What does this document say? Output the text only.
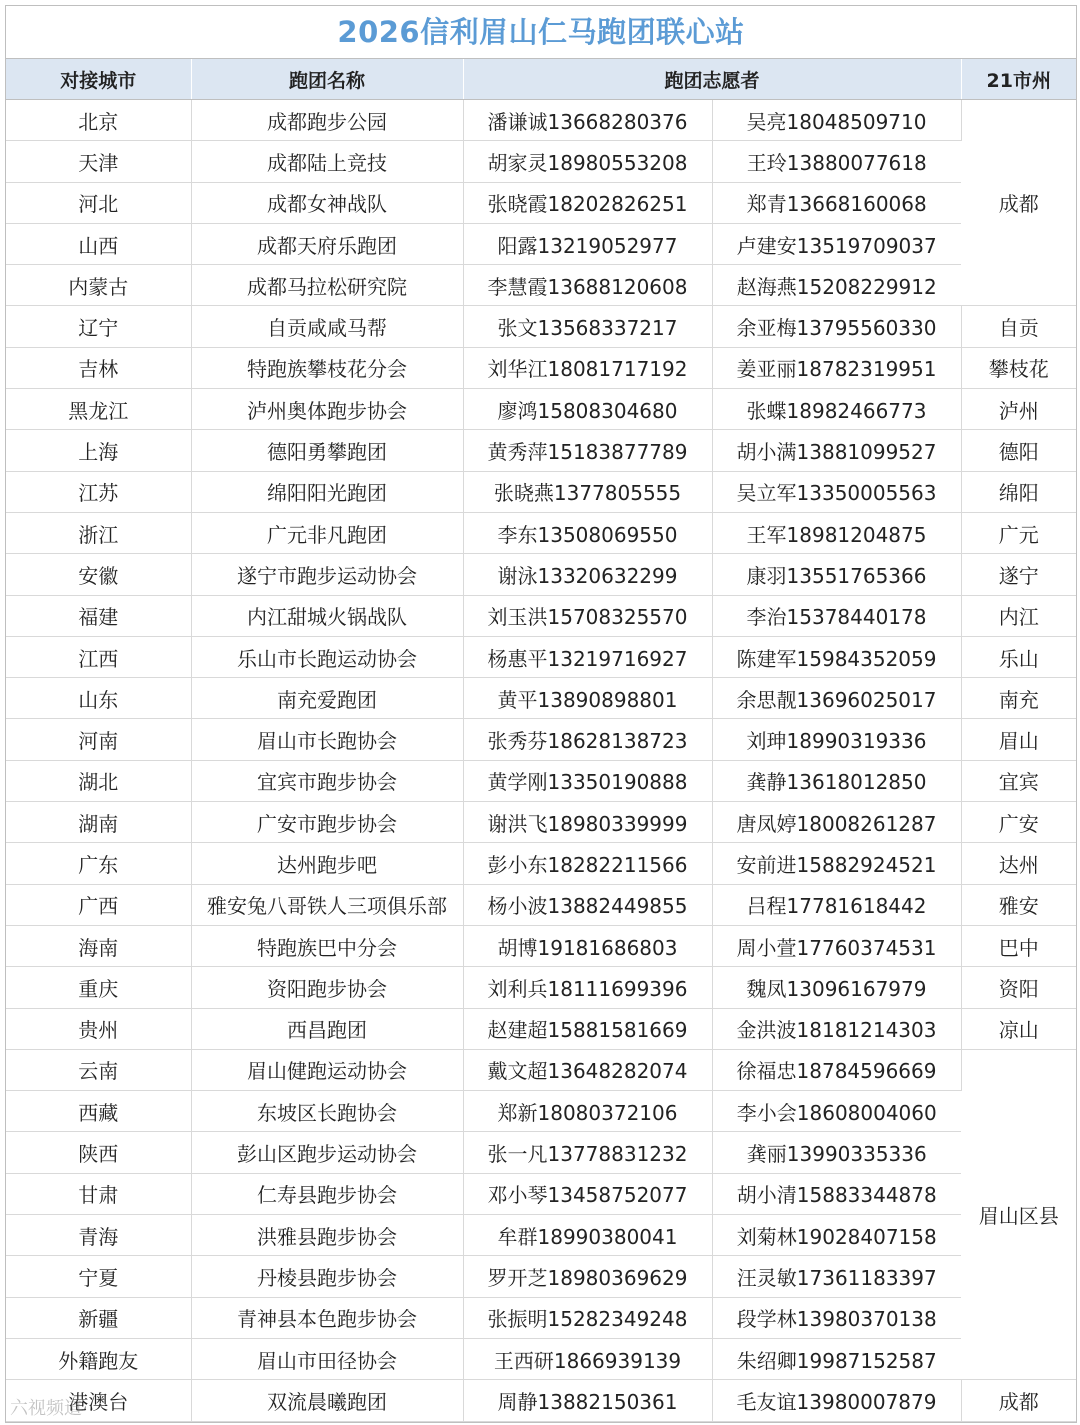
2026信利眉山仁马跑团联心站
对接城市	跑团名称	跑团志愿者		21市州
北京	成都跑步公园	潘谦诚13668280376	吴亮18048509710	成都
天津	成都陆上竞技	胡家灵18980553208	王玲13880077618	
河北	成都女神战队	张晓霞18202826251	郑青13668160068	
山西	成都天府乐跑团	阳露13219052977	卢建安13519709037	
内蒙古	成都马拉松研究院	李慧霞13688120608	赵海燕15208229912	
辽宁	自贡咸咸马帮	张文13568337217	余亚梅13795560330	自贡
吉林	特跑族攀枝花分会	刘华江18081717192	姜亚丽18782319951	攀枝花
黑龙江	泸州奥体跑步协会	廖鸿15808304680	张蝶18982466773	泸州
上海	德阳勇攀跑团	黄秀萍15183877789	胡小满13881099527	德阳
江苏	绵阳阳光跑团	张晓燕1377805555	吴立军13350005563	绵阳
浙江	广元非凡跑团	李东13508069550	王军18981204875	广元
安徽	遂宁市跑步运动协会	谢泳13320632299	康羽13551765366	遂宁
福建	内江甜城火锅战队	刘玉洪15708325570	李治15378440178	内江
江西	乐山市长跑运动协会	杨惠平13219716927	陈建军15984352059	乐山
山东	南充爱跑团	黄平13890898801	余思靓13696025017	南充
河南	眉山市长跑协会	张秀芬18628138723	刘珅18990319336	眉山
湖北	宜宾市跑步协会	黄学刚13350190888	龚静13618012850	宜宾
湖南	广安市跑步协会	谢洪飞18980339999	唐凤婷18008261287	广安
广东	达州跑步吧	彭小东18282211566	安前进15882924521	达州
广西	雅安兔八哥铁人三项俱乐部	杨小波13882449855	吕程17781618442	雅安
海南	特跑族巴中分会	胡博19181686803	周小萱17760374531	巴中
重庆	资阳跑步协会	刘利兵18111699396	魏凤13096167979	资阳
贵州	西昌跑团	赵建超15881581669	金洪波18181214303	凉山
云南	眉山健跑运动协会	戴文超13648282074	徐福忠18784596669	眉山区县
西藏	东坡区长跑协会	郑新18080372106	李小会18608004060	
陕西	彭山区跑步运动协会	张一凡13778831232	龚丽13990335336	
甘肃	仁寿县跑步协会	邓小琴13458752077	胡小清15883344878	
青海	洪雅县跑步协会	牟群18990380041	刘菊林19028407158	
宁夏	丹棱县跑步协会	罗开芝18980369629	汪灵敏17361183397	
新疆	青神县本色跑步协会	张振明15282349248	段学林13980370138	
外籍跑友	眉山市田径协会	王西研1866939139	朱绍卿19987152587	
港澳台	双流晨曦跑团	周静13882150361	毛友谊13980007879	成都
六视频道
